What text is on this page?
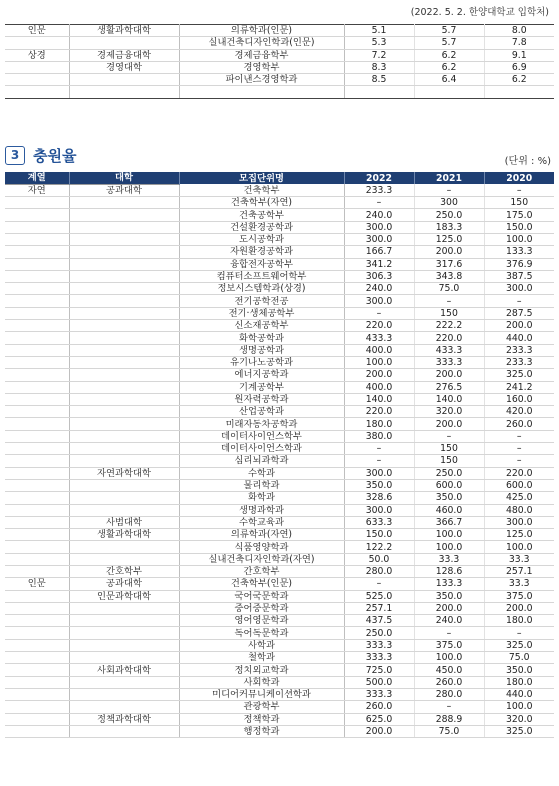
(2022. 5. 2. 한양대학교 입학처)
인문	생활과학대학	의류학과(인문)	5.1	5.7	8.0
		실내건축디자인학과(인문)	5.3	5.7	7.8
상경	경제금융대학	경제금융학부	7.2	6.2	9.1
	경영대학	경영학부	8.3	6.2	6.9
		파이낸스경영학과	8.5	6.4	6.2

3 충원율	(단위 : %)
계열	대학	모집단위명	2022	2021	2020
자연	공과대학	건축학부	233.3	–	–
		건축학부(자연)	–	300	150
		건축공학부	240.0	250.0	175.0
		건설환경공학과	300.0	183.3	150.0
		도시공학과	300.0	125.0	100.0
		자원환경공학과	166.7	200.0	133.3
		융합전자공학부	341.2	317.6	376.9
		컴퓨터소프트웨어학부	306.3	343.8	387.5
		정보시스템학과(상경)	240.0	75.0	300.0
		전기공학전공	300.0	–	–
		전기·생체공학부	–	150	287.5
		신소재공학부	220.0	222.2	200.0
		화학공학과	433.3	220.0	440.0
		생명공학과	400.0	433.3	233.3
		유기나노공학과	100.0	333.3	233.3
		에너지공학과	200.0	200.0	325.0
		기계공학부	400.0	276.5	241.2
		원자력공학과	140.0	140.0	160.0
		산업공학과	220.0	320.0	420.0
		미래자동차공학과	180.0	200.0	260.0
		데이터사이언스학부	380.0	–	–
		데이터사이언스학과	–	150	–
		심리뇌과학과	–	150	–
	자연과학대학	수학과	300.0	250.0	220.0
		물리학과	350.0	600.0	600.0
		화학과	328.6	350.0	425.0
		생명과학과	300.0	460.0	480.0
	사범대학	수학교육과	633.3	366.7	300.0
	생활과학대학	의류학과(자연)	150.0	100.0	125.0
		식품영양학과	122.2	100.0	100.0
		실내건축디자인학과(자연)	50.0	33.3	33.3
	간호학부	간호학부	280.0	128.6	257.1
인문	공과대학	건축학부(인문)	–	133.3	33.3
	인문과학대학	국어국문학과	525.0	350.0	375.0
		중어중문학과	257.1	200.0	200.0
		영어영문학과	437.5	240.0	180.0
		독어독문학과	250.0	–	–
		사학과	333.3	375.0	325.0
		철학과	333.3	100.0	75.0
	사회과학대학	정치외교학과	725.0	450.0	350.0
		사회학과	500.0	260.0	180.0
		미디어커뮤니케이션학과	333.3	280.0	440.0
		관광학부	260.0	–	100.0
	정책과학대학	정책학과	625.0	288.9	320.0
		행정학과	200.0	75.0	325.0
